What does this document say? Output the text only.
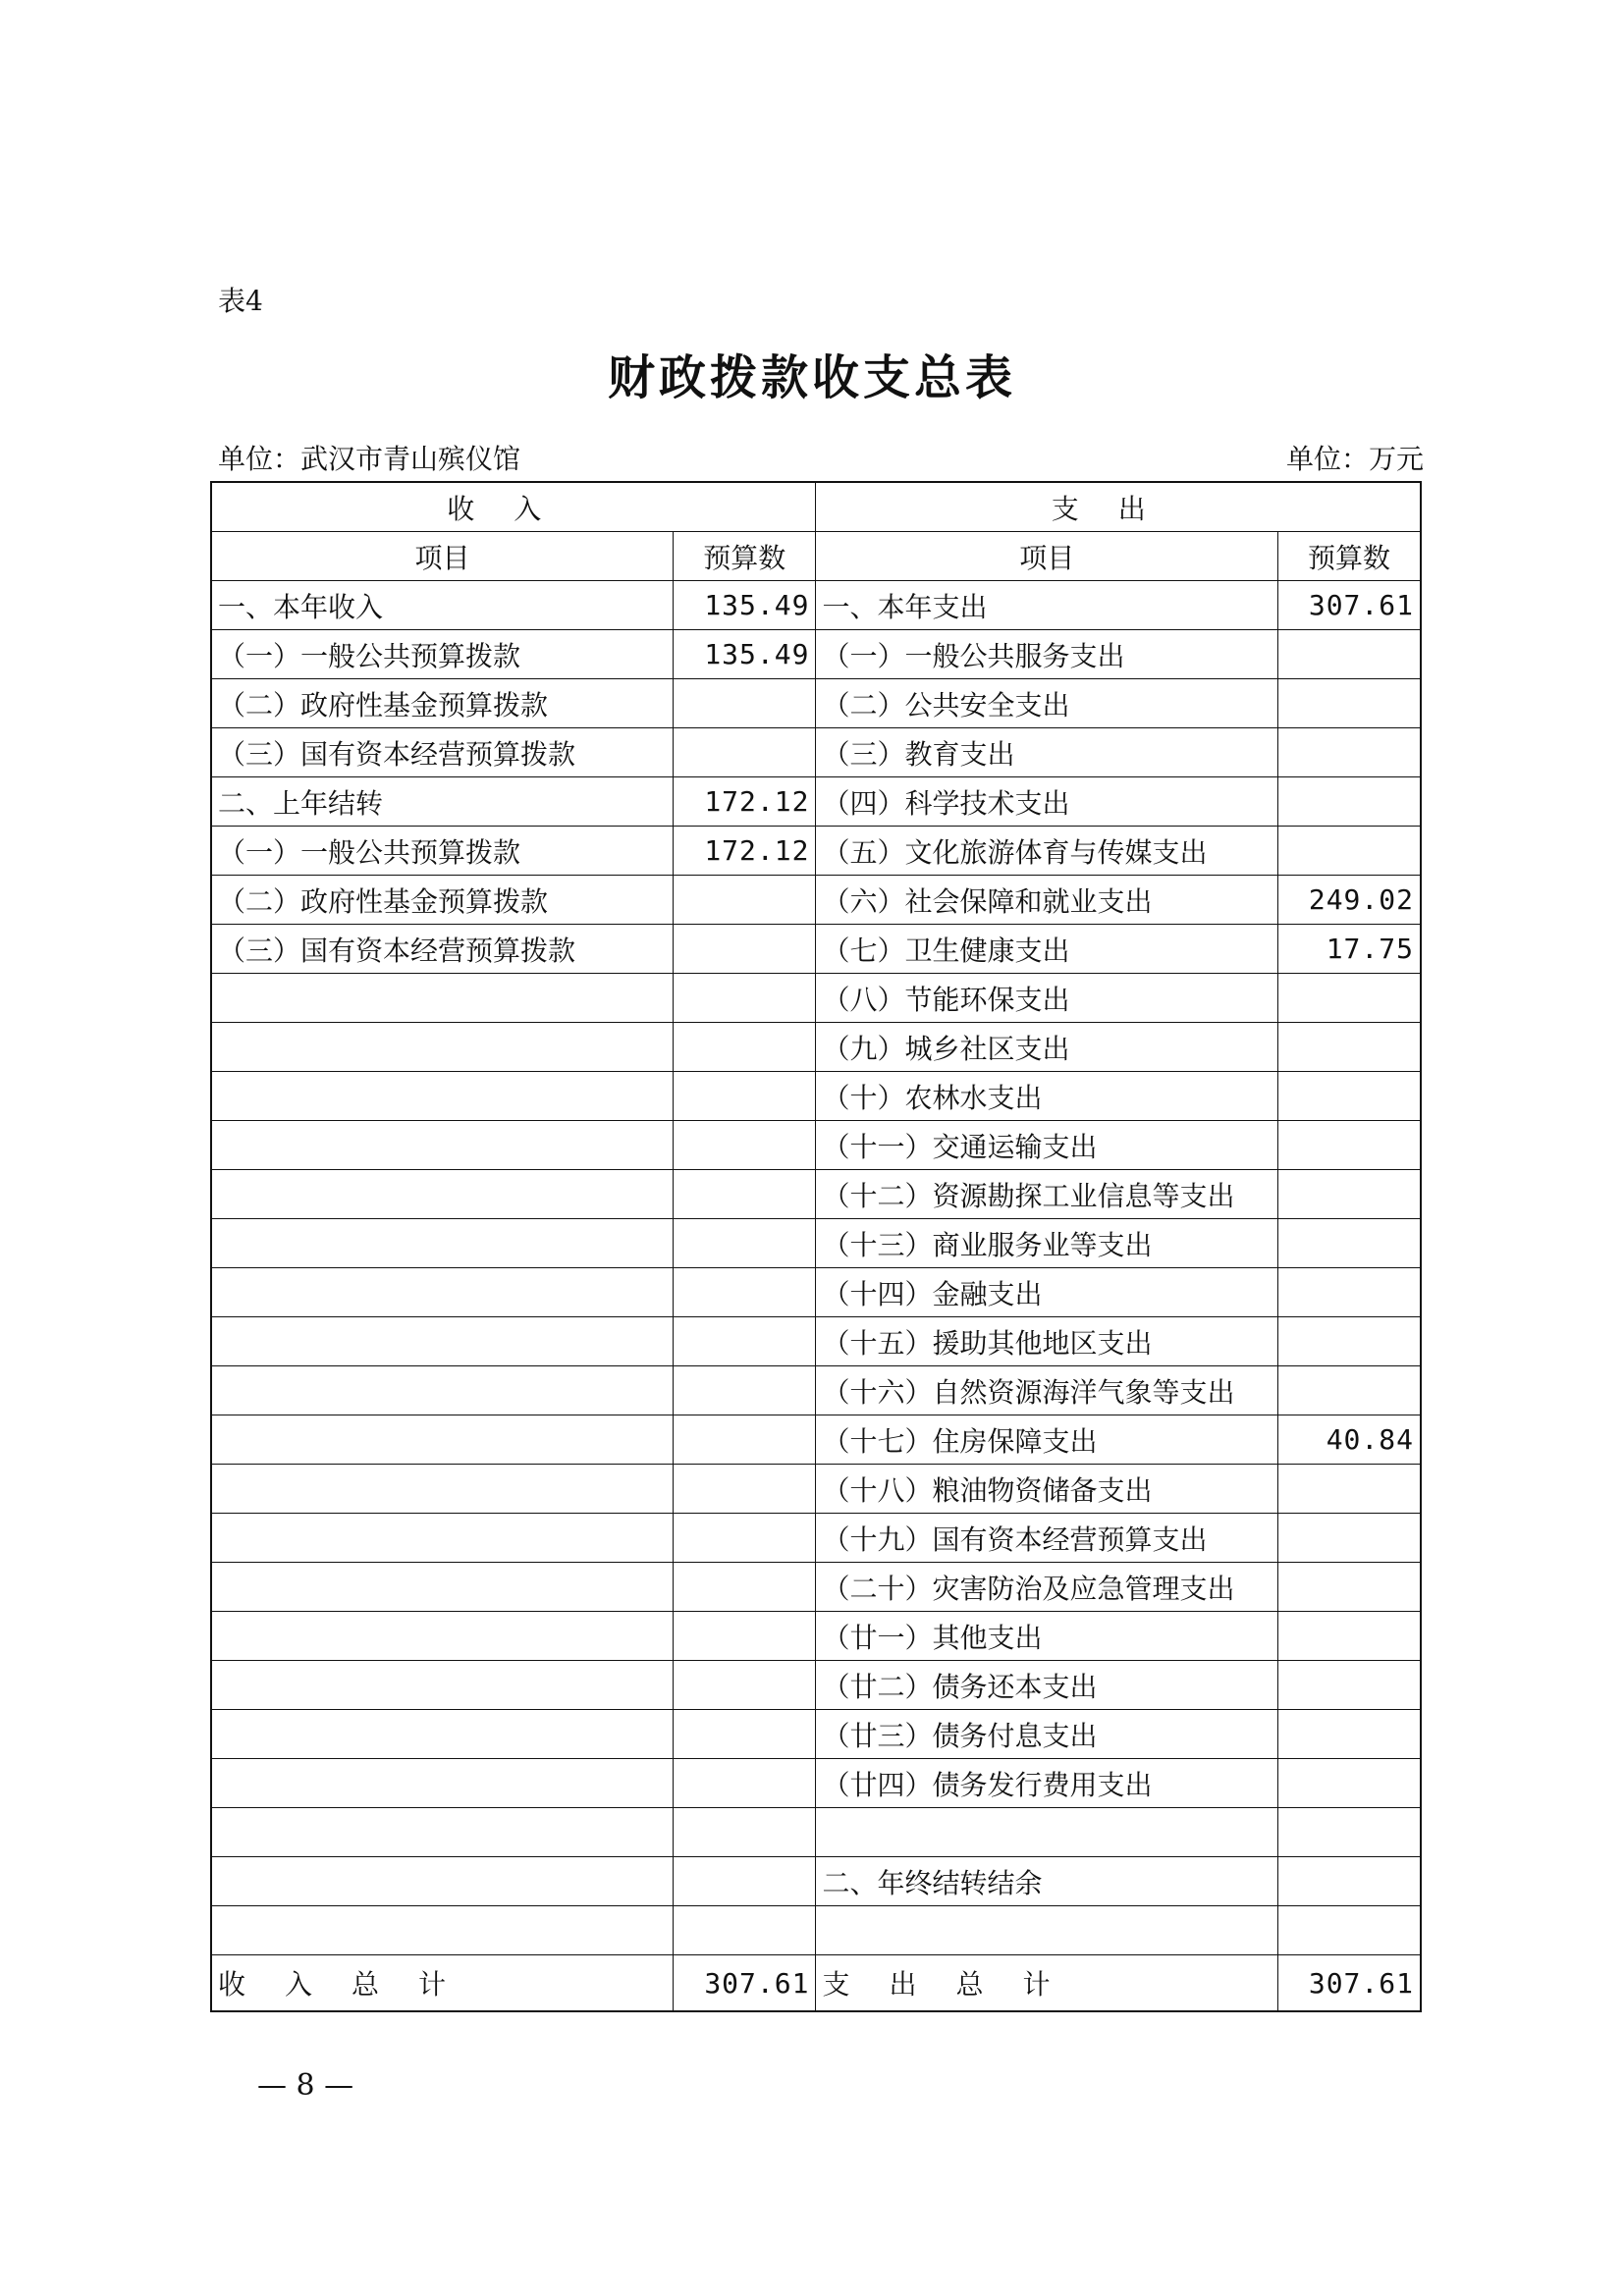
表4
财政拨款收支总表
单位：武汉市青山殡仪馆	单位：万元
收入		支出	
项目	预算数	项目	预算数
一、本年收入	135.49	一、本年支出	307.61
（一）一般公共预算拨款	135.49	（一）一般公共服务支出	
（二）政府性基金预算拨款		（二）公共安全支出	
（三）国有资本经营预算拨款		（三）教育支出	
二、上年结转	172.12	（四）科学技术支出	
（一）一般公共预算拨款	172.12	（五）文化旅游体育与传媒支出	
（二）政府性基金预算拨款		（六）社会保障和就业支出	249.02
（三）国有资本经营预算拨款		（七）卫生健康支出	17.75
		（八）节能环保支出	
		（九）城乡社区支出	
		（十）农林水支出	
		（十一）交通运输支出	
		（十二）资源勘探工业信息等支出	
		（十三）商业服务业等支出	
		（十四）金融支出	
		（十五）援助其他地区支出	
		（十六）自然资源海洋气象等支出	
		（十七）住房保障支出	40.84
		（十八）粮油物资储备支出	
		（十九）国有资本经营预算支出	
		（二十）灾害防治及应急管理支出	
		（廿一）其他支出	
		（廿二）债务还本支出	
		（廿三）债务付息支出	
		（廿四）债务发行费用支出	

		二、年终结转结余	

收入总计	307.61	支出总计	307.61
— 8 —
